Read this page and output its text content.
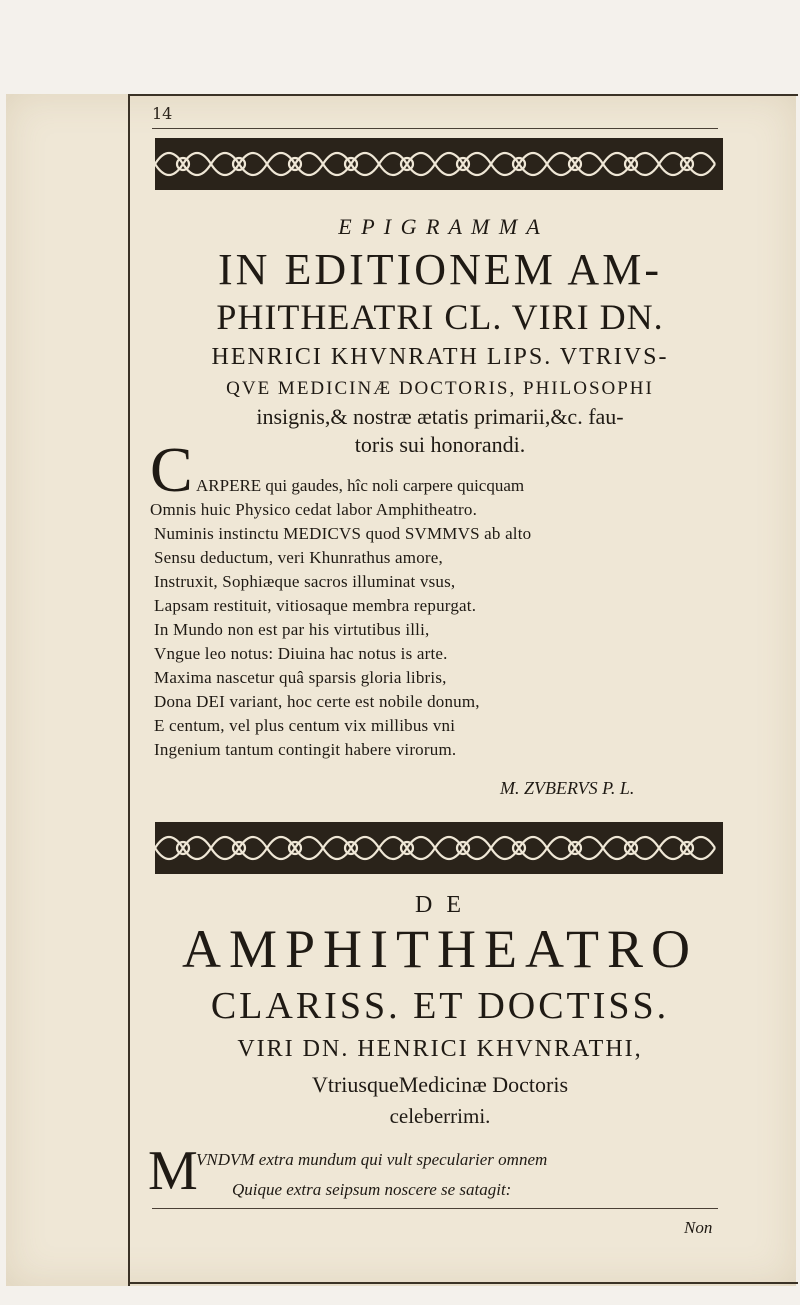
14
E P I G R A M M A
IN EDITIONEM AM-
PHITHEATRI CL. VIRI DN.
HENRICI KHVNRATH LIPS. VTRIVS-
QVE MEDICINÆ DOCTORIS, PHILOSOPHI
insignis,& nostræ ætatis primarii,&c. fau-
toris sui honorandi.
C ARPERE qui gaudes, hîc noli carpere quicquam
Omnis huic Physico cedat labor Amphitheatro.
Numinis instinctu MEDICVS quod SVMMVS ab alto
Sensu deductum, veri Khunrathus amore,
Instruxit, Sophiæque sacros illuminat vsus,
Lapsam restituit, vitiosaque membra repurgat.
In Mundo non est par his virtutibus illi,
Vngue leo notus: Diuina hac notus is arte.
Maxima nascetur quâ sparsis gloria libris,
Dona DEI variant, hoc certe est nobile donum,
E centum, vel plus centum vix millibus vni
Ingenium tantum contingit habere virorum.
M. ZVBERVS P. L.
D E
AMPHITHEATRO
CLARISS. ET DOCTISS.
VIRI DN. HENRICI KHVNRATHI,
VtriusqueMedicinæ Doctoris
celeberrimi.
M
VNDVM extra mundum qui vult specularier omnem
Quique extra seipsum noscere se satagit:
Non
